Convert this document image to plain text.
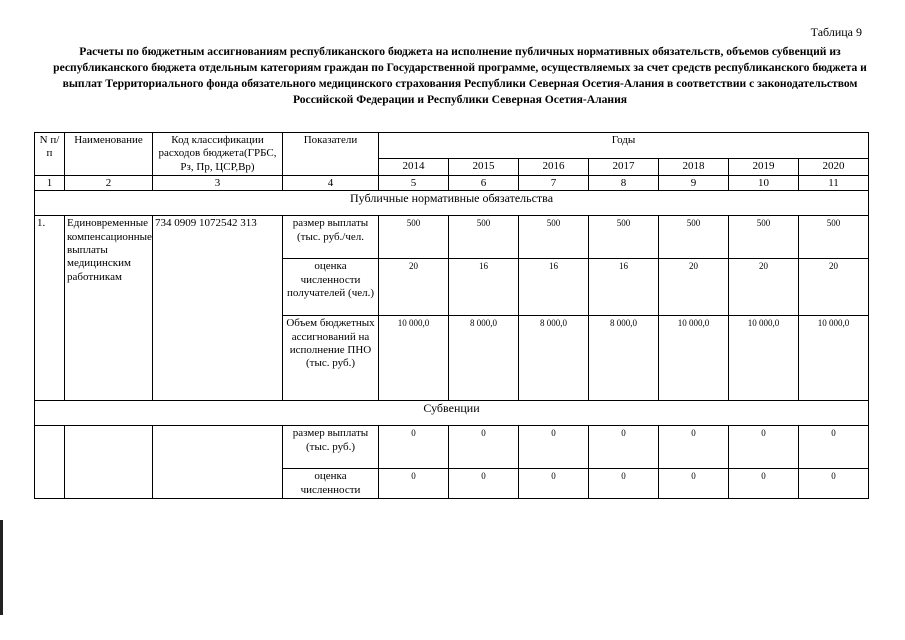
Таблица 9
Расчеты по бюджетным ассигнованиям республиканского бюджета на исполнение публичных нормативных обязательств, объемов субвенций из республиканского бюджета отдельным категориям граждан по Государственной программе, осуществляемых за счет средств республиканского бюджета и выплат Территориального фонда обязательного медицинского страхования Республики Северная Осетия-Алания в соответствии с законодательством Российской Федерации и Республики Северная Осетия-Алания
N п/п	Наименование	Код классификации расходов бюджета(ГРБС, Рз, Пр, ЦСР,Вр)	Показатели	Годы						
				2014	2015	2016	2017	2018	2019	2020
1	2	3	4	5	6	7	8	9	10	11
Публичные нормативные обязательства										
1.	Единовременные компенсационные выплаты медицинским работникам	734 0909 1072542 313	размер выплаты (тыс. руб./чел.	500	500	500	500	500	500	500
			оценка численности получателей (чел.)	20	16	16	16	20	20	20
			Объем бюджетных ассигнований на исполнение ПНО (тыс. руб.)	10 000,0	8 000,0	8 000,0	8 000,0	10 000,0	10 000,0	10 000,0
Субвенции										
			размер выплаты (тыс. руб.)	0	0	0	0	0	0	0
			оценка численности	0	0	0	0	0	0	0
